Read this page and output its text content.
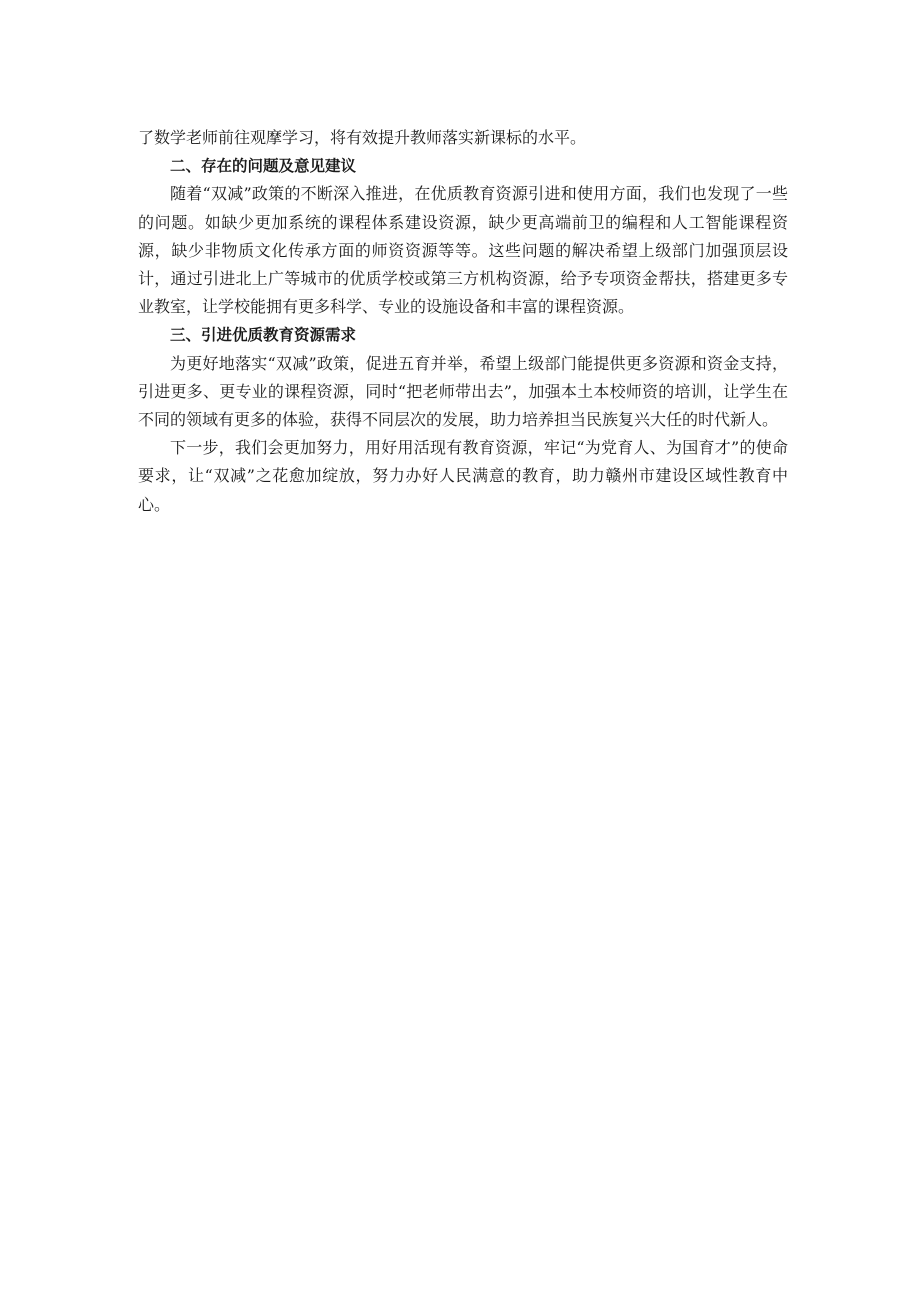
了数学老师前往观摩学习，将有效提升教师落实新课标的水平。

二、存在的问题及意见建议

随着“双减”政策的不断深入推进，在优质教育资源引进和使用方面，我们也发现了一些的问题。如缺少更加系统的课程体系建设资源，缺少更高端前卫的编程和人工智能课程资源，缺少非物质文化传承方面的师资资源等等。这些问题的解决希望上级部门加强顶层设计，通过引进北上广等城市的优质学校或第三方机构资源，给予专项资金帮扶，搭建更多专业教室，让学校能拥有更多科学、专业的设施设备和丰富的课程资源。

三、引进优质教育资源需求

为更好地落实“双减”政策，促进五育并举，希望上级部门能提供更多资源和资金支持，引进更多、更专业的课程资源，同时“把老师带出去”，加强本土本校师资的培训，让学生在不同的领域有更多的体验，获得不同层次的发展，助力培养担当民族复兴大任的时代新人。

下一步，我们会更加努力，用好用活现有教育资源，牢记“为党育人、为国育才”的使命要求，让“双减”之花愈加绽放，努力办好人民满意的教育，助力赣州市建设区域性教育中心。
